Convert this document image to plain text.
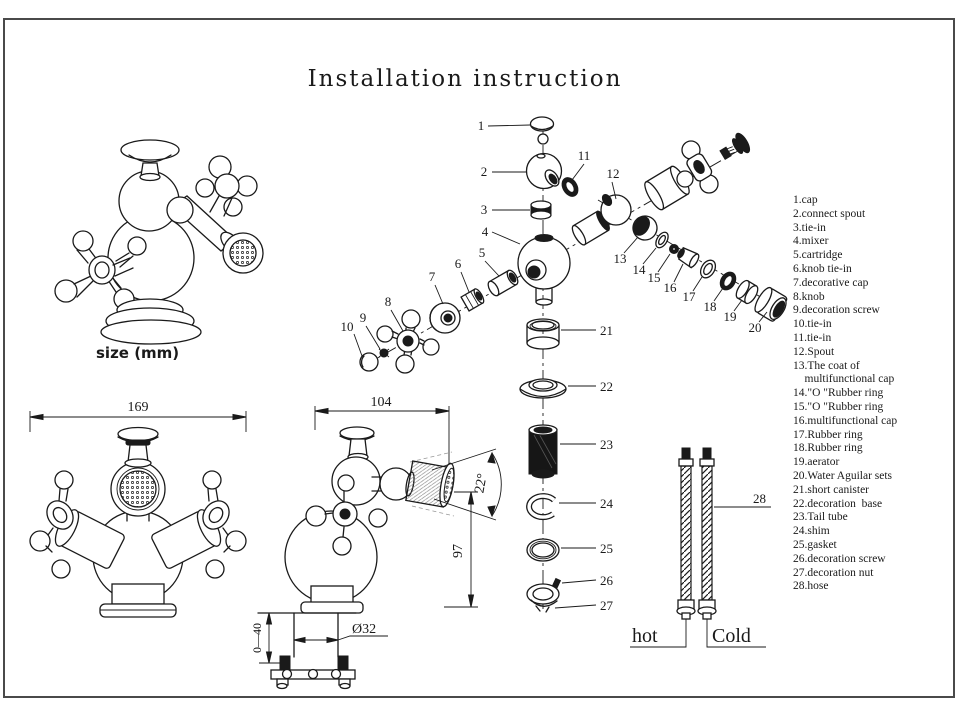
Installation instruction
size (mm)
1.cap
2.connect spout
3.tie-in
4.mixer
5.cartridge
6.knob tie-in
7.decorative cap
8.knob
9.decoration screw
10.tie-in
11.tie-in
12.Spout
13.The coat of
multifunctional cap
14."O "Rubber ring
15."O "Rubber ring
16.multifunctional cap
17.Rubber ring
18.Rubber ring
19.aerator
20.Water Aguilar sets
21.short canister
22.decoration  base
23.Tail tube
24.shim
25.gasket
26.decoration screw
27.decoration nut
28.hose
1
2
3
4
5
6
7
8
9
10
11
12
13
14
15
16
17
18
19
20
21
22
23
24
25
26
27
169	104
22°
97
Ø32
0—40
28
hot	Cold
